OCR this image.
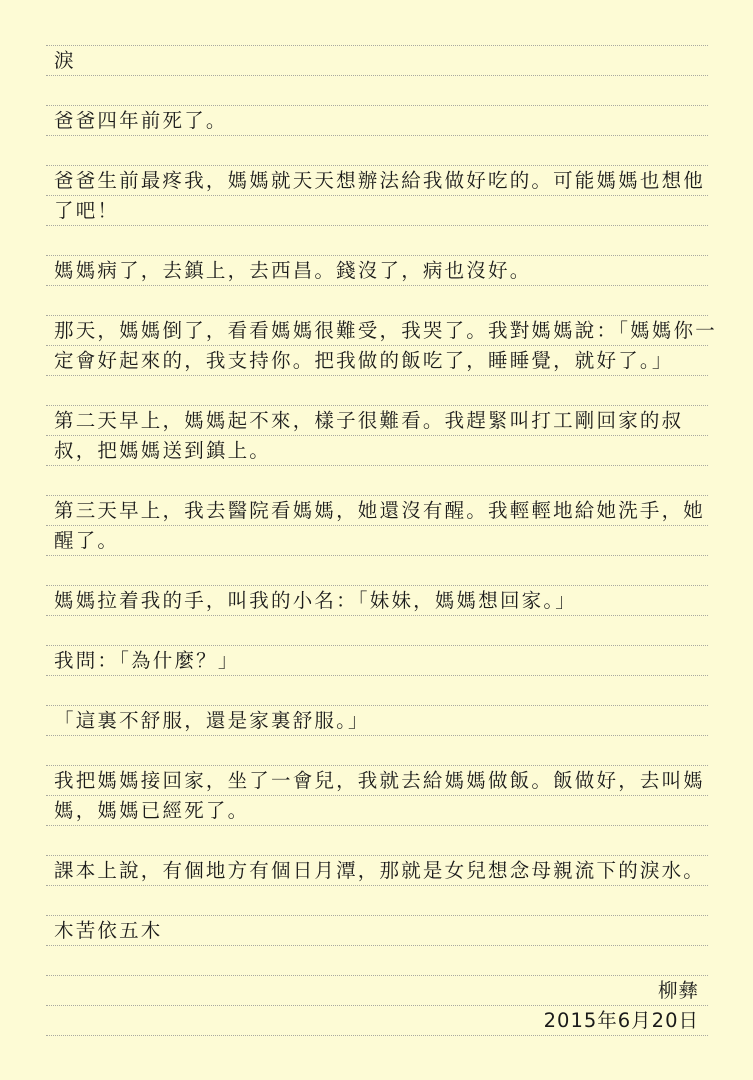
淚
爸爸四年前死了。
爸爸生前最疼我，媽媽就天天想辦法給我做好吃的。可能媽媽也想他
了吧！
媽媽病了，去鎮上，去西昌。錢沒了，病也沒好。
那天，媽媽倒了，看看媽媽很難受，我哭了。我對媽媽說：「媽媽你一
定會好起來的，我支持你。把我做的飯吃了，睡睡覺，就好了。」
第二天早上，媽媽起不來，樣子很難看。我趕緊叫打工剛回家的叔
叔，把媽媽送到鎮上。
第三天早上，我去醫院看媽媽，她還沒有醒。我輕輕地給她洗手，她
醒了。
媽媽拉着我的手，叫我的小名：「妹妹，媽媽想回家。」
我問：「為什麼？」
「這裏不舒服，還是家裏舒服。」
我把媽媽接回家，坐了一會兒，我就去給媽媽做飯。飯做好，去叫媽
媽，媽媽已經死了。
課本上說，有個地方有個日月潭，那就是女兒想念母親流下的淚水。
木苦依五木
柳彝
2015年6月20日
